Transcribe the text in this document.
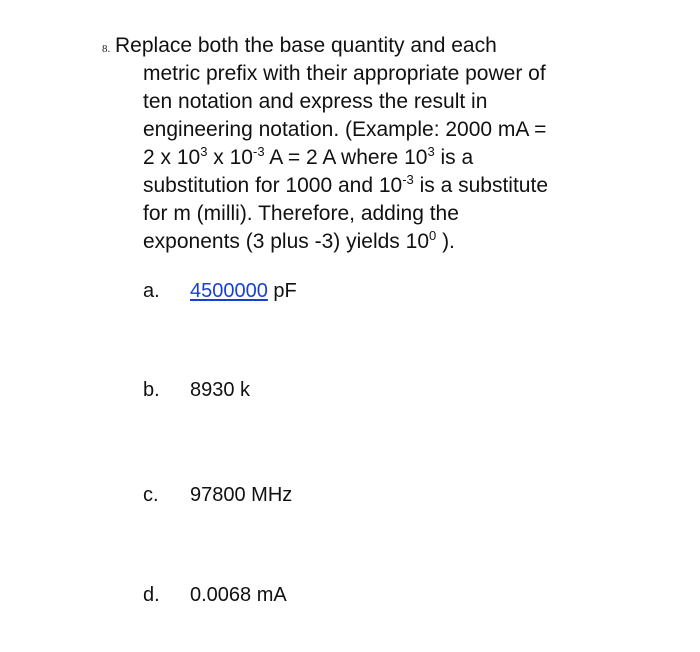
8. Replace both the base quantity and each
metric prefix with their appropriate power of
ten notation and express the result in
engineering notation. (Example: 2000 mA =
2 x $10^3$ x $10^{-3}$ A = 2 A where $10^3$ is a
substitution for 1000 and $10^{-3}$ is a substitute
for m (milli). Therefore, adding the
exponents (3 plus -3) yields $10^0$ ).
a. 4500000 pF
b. 8930 k
c. 97800 MHz
d. 0.0068 mA
